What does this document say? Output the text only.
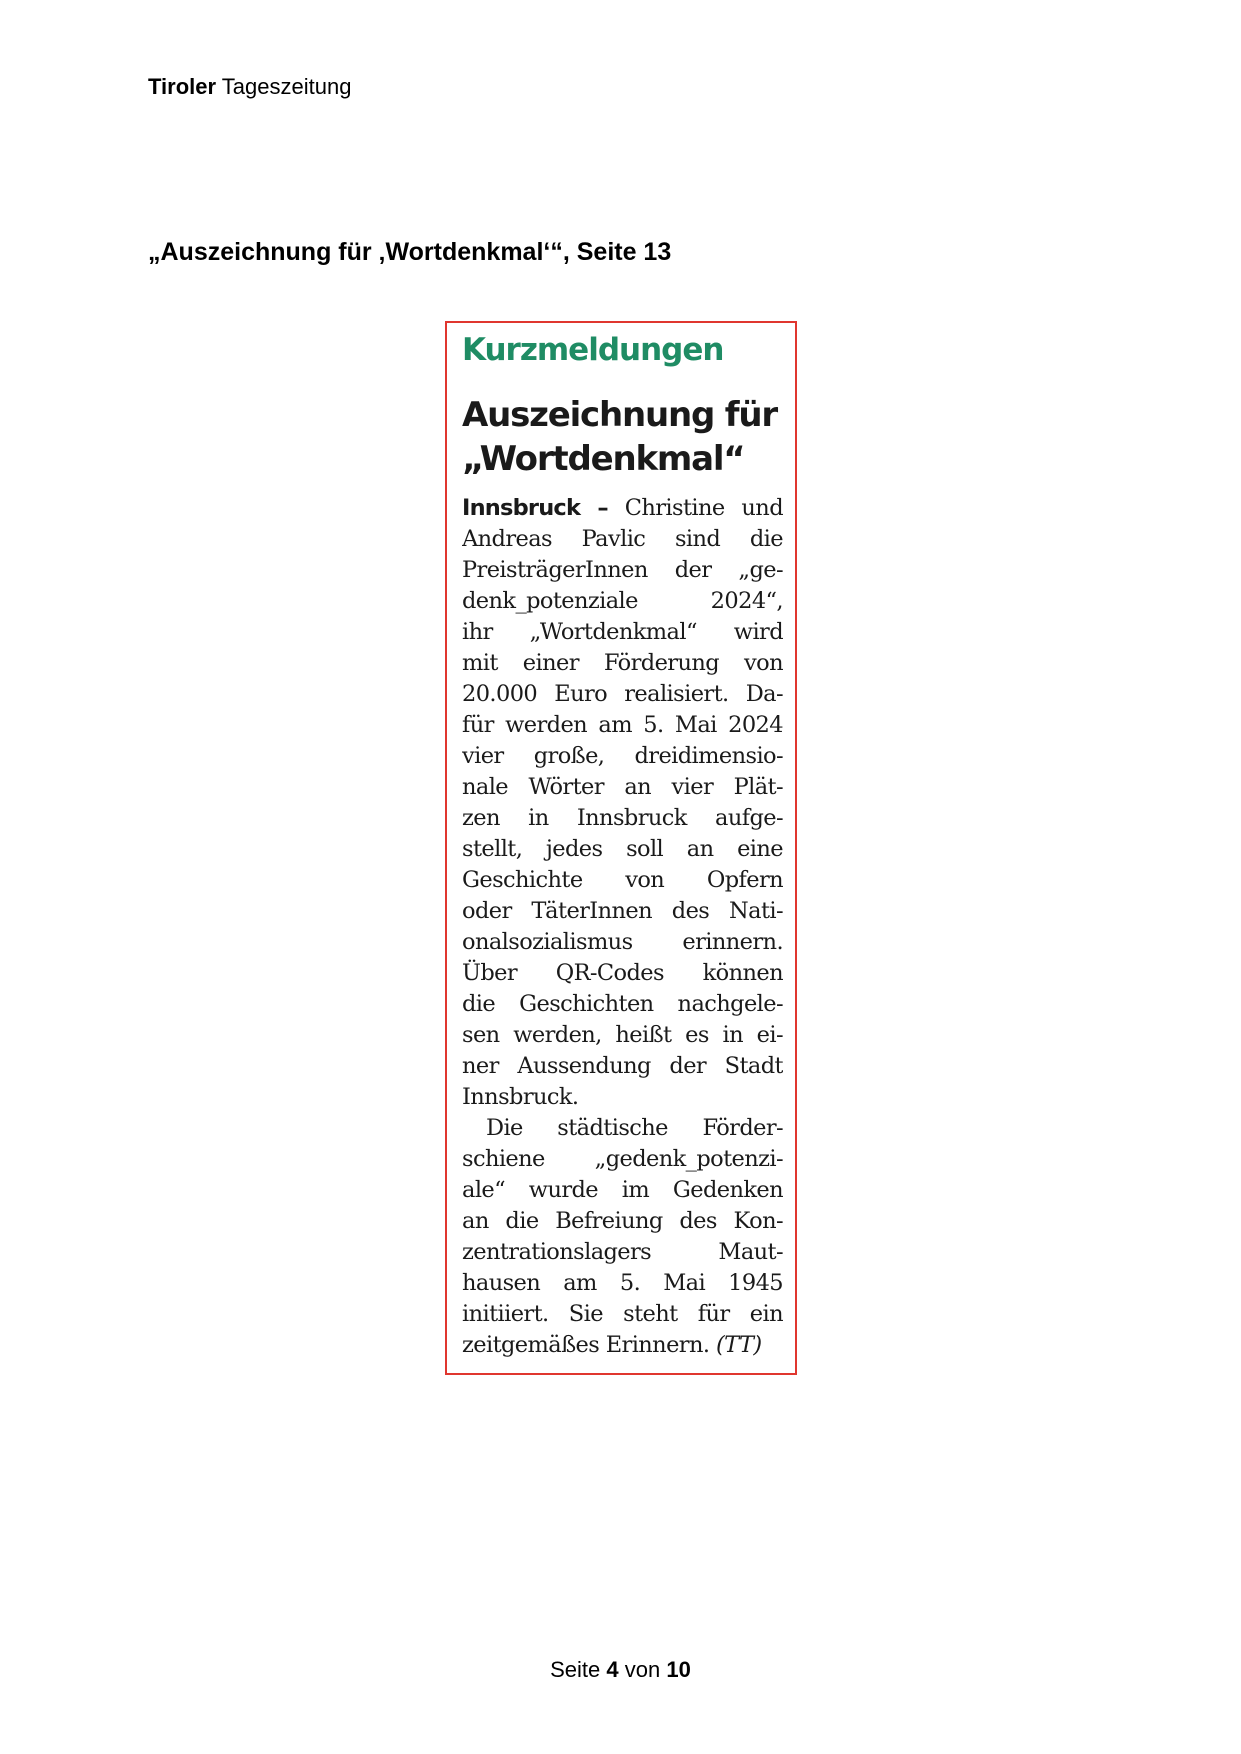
Tiroler Tageszeitung
„Auszeichnung für ‚Wortdenkmal‘“, Seite 13
Kurzmeldungen
Auszeichnung für
„Wortdenkmal“
Innsbruck – Christine und
Andreas Pavlic sind die
PreisträgerInnen der „ge-
denk_potenziale 2024“,
ihr „Wortdenkmal“ wird
mit einer Förderung von
20.000 Euro realisiert. Da-
für werden am 5. Mai 2024
vier große, dreidimensio-
nale Wörter an vier Plät-
zen in Innsbruck aufge-
stellt, jedes soll an eine
Geschichte von Opfern
oder TäterInnen des Nati-
onalsozialismus erinnern.
Über QR-Codes können
die Geschichten nachgele-
sen werden, heißt es in ei-
ner Aussendung der Stadt
Innsbruck.
Die städtische Förder-
schiene „gedenk_potenzi-
ale“ wurde im Gedenken
an die Befreiung des Kon-
zentrationslagers Maut-
hausen am 5. Mai 1945
initiiert. Sie steht für ein
zeitgemäßes Erinnern. (TT)
Seite 4 von 10
